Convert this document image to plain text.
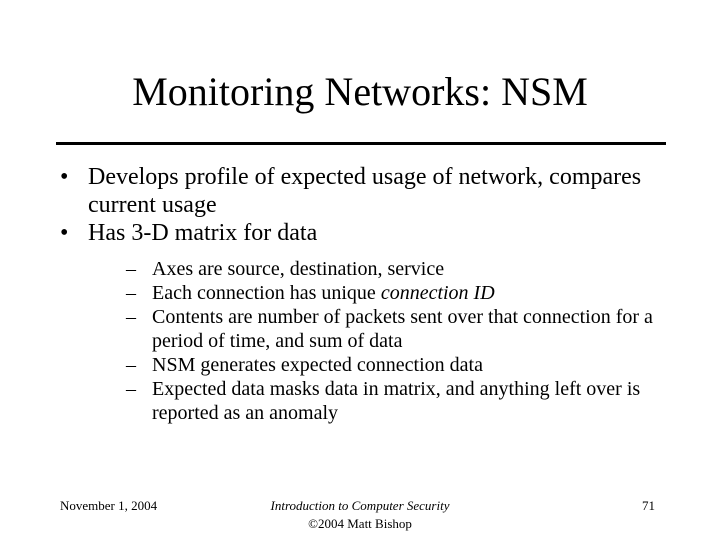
Monitoring Networks: NSM
• Develops profile of expected usage of network, compares current usage
• Has 3-D matrix for data
– Axes are source, destination, service
– Each connection has unique connection ID
– Contents are number of packets sent over that connection for a period of time, and sum of data
– NSM generates expected connection data
– Expected data masks data in matrix, and anything left over is reported as an anomaly
November 1, 2004	Introduction to Computer Security
©2004 Matt Bishop
71
